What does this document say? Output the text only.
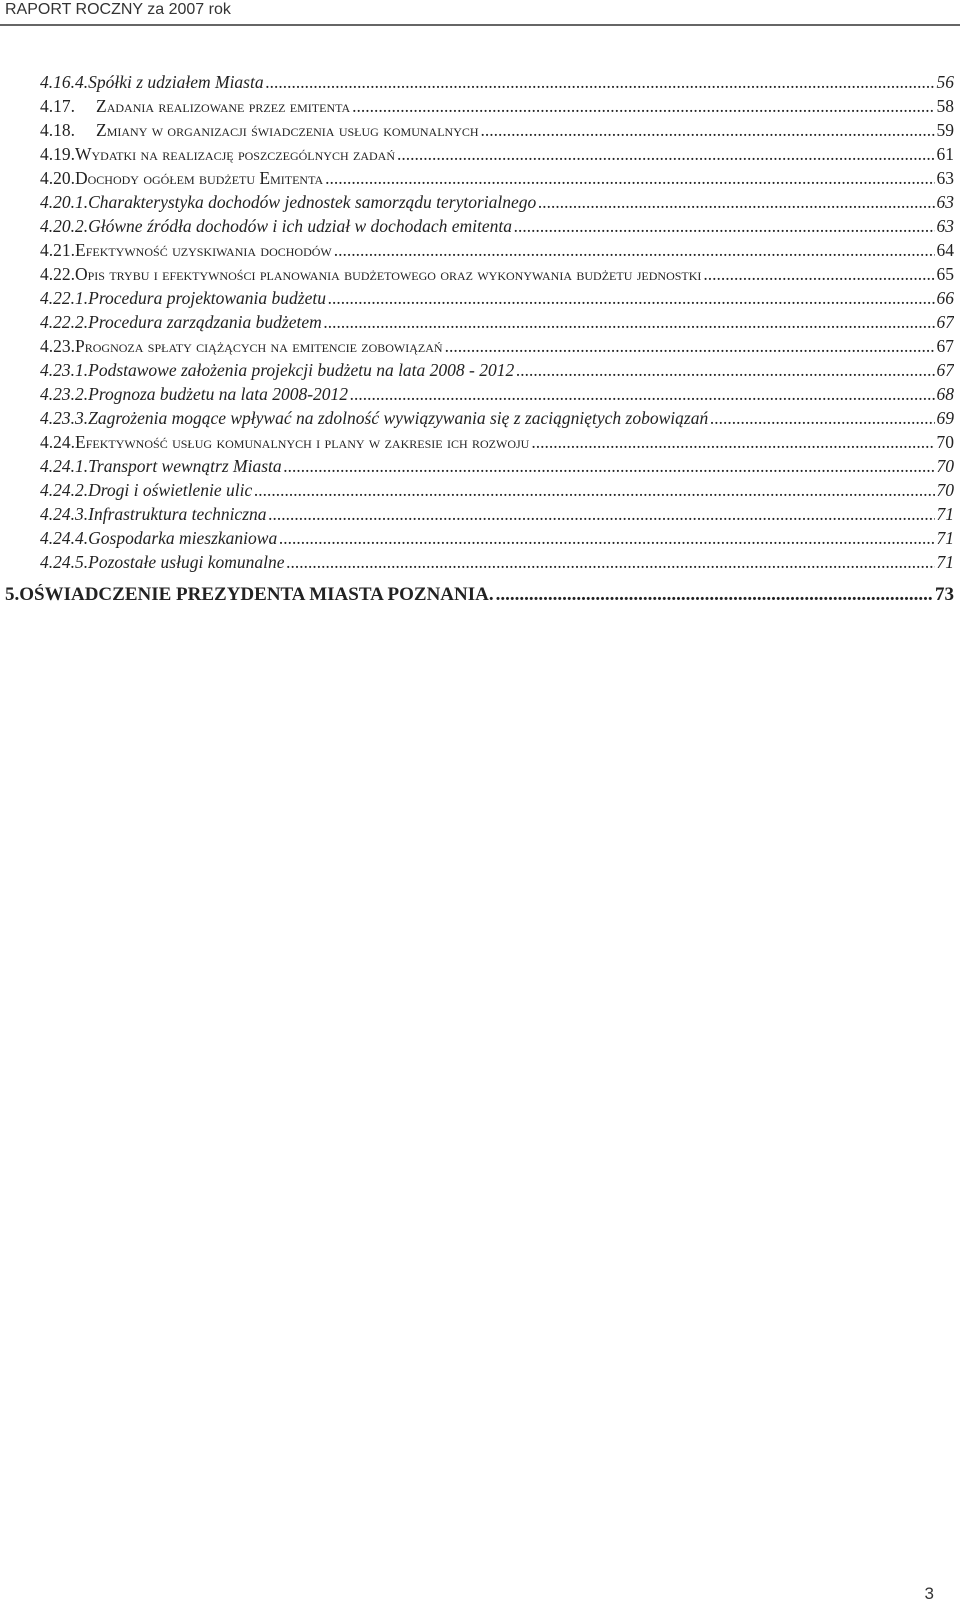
RAPORT ROCZNY za 2007 rok
4.16.4. Spółki z udziałem Miasta .....	56
4.17.	Zadania realizowane przez emitenta .....	58
4.18.	Zmiany w organizacji świadczenia usług komunalnych .....	59
4.19. Wydatki na realizację poszczególnych zadań .....	61
4.20. Dochody ogółem budżetu Emitenta .....	63
4.20.1. Charakterystyka dochodów jednostek samorządu terytorialnego .....	63
4.20.2. Główne źródła dochodów i ich udział w dochodach emitenta .....	63
4.21. Efektywność uzyskiwania dochodów .....	64
4.22. Opis trybu i efektywności planowania budżetowego oraz wykonywania budżetu jednostki .....	65
4.22.1. Procedura projektowania budżetu .....	66
4.22.2. Procedura zarządzania budżetem .....	67
4.23. Prognoza spłaty ciążących na emitencie zobowiązań .....	67
4.23.1. Podstawowe założenia projekcji budżetu na lata 2008 - 2012 .....	67
4.23.2. Prognoza budżetu na lata 2008-2012 .....	68
4.23.3. Zagrożenia mogące wpływać na zdolność wywiązywania się z zaciągniętych zobowiązań .....	69
4.24. Efektywność usług komunalnych i plany w zakresie ich rozwoju .....	70
4.24.1. Transport wewnątrz Miasta .....	70
4.24.2. Drogi i oświetlenie ulic .....	70
4.24.3. Infrastruktura techniczna .....	71
4.24.4. Gospodarka mieszkaniowa .....	71
4.24.5. Pozostałe usługi komunalne .....	71
5. OŚWIADCZENIE PREZYDENTA MIASTA POZNANIA. .....	73
3
